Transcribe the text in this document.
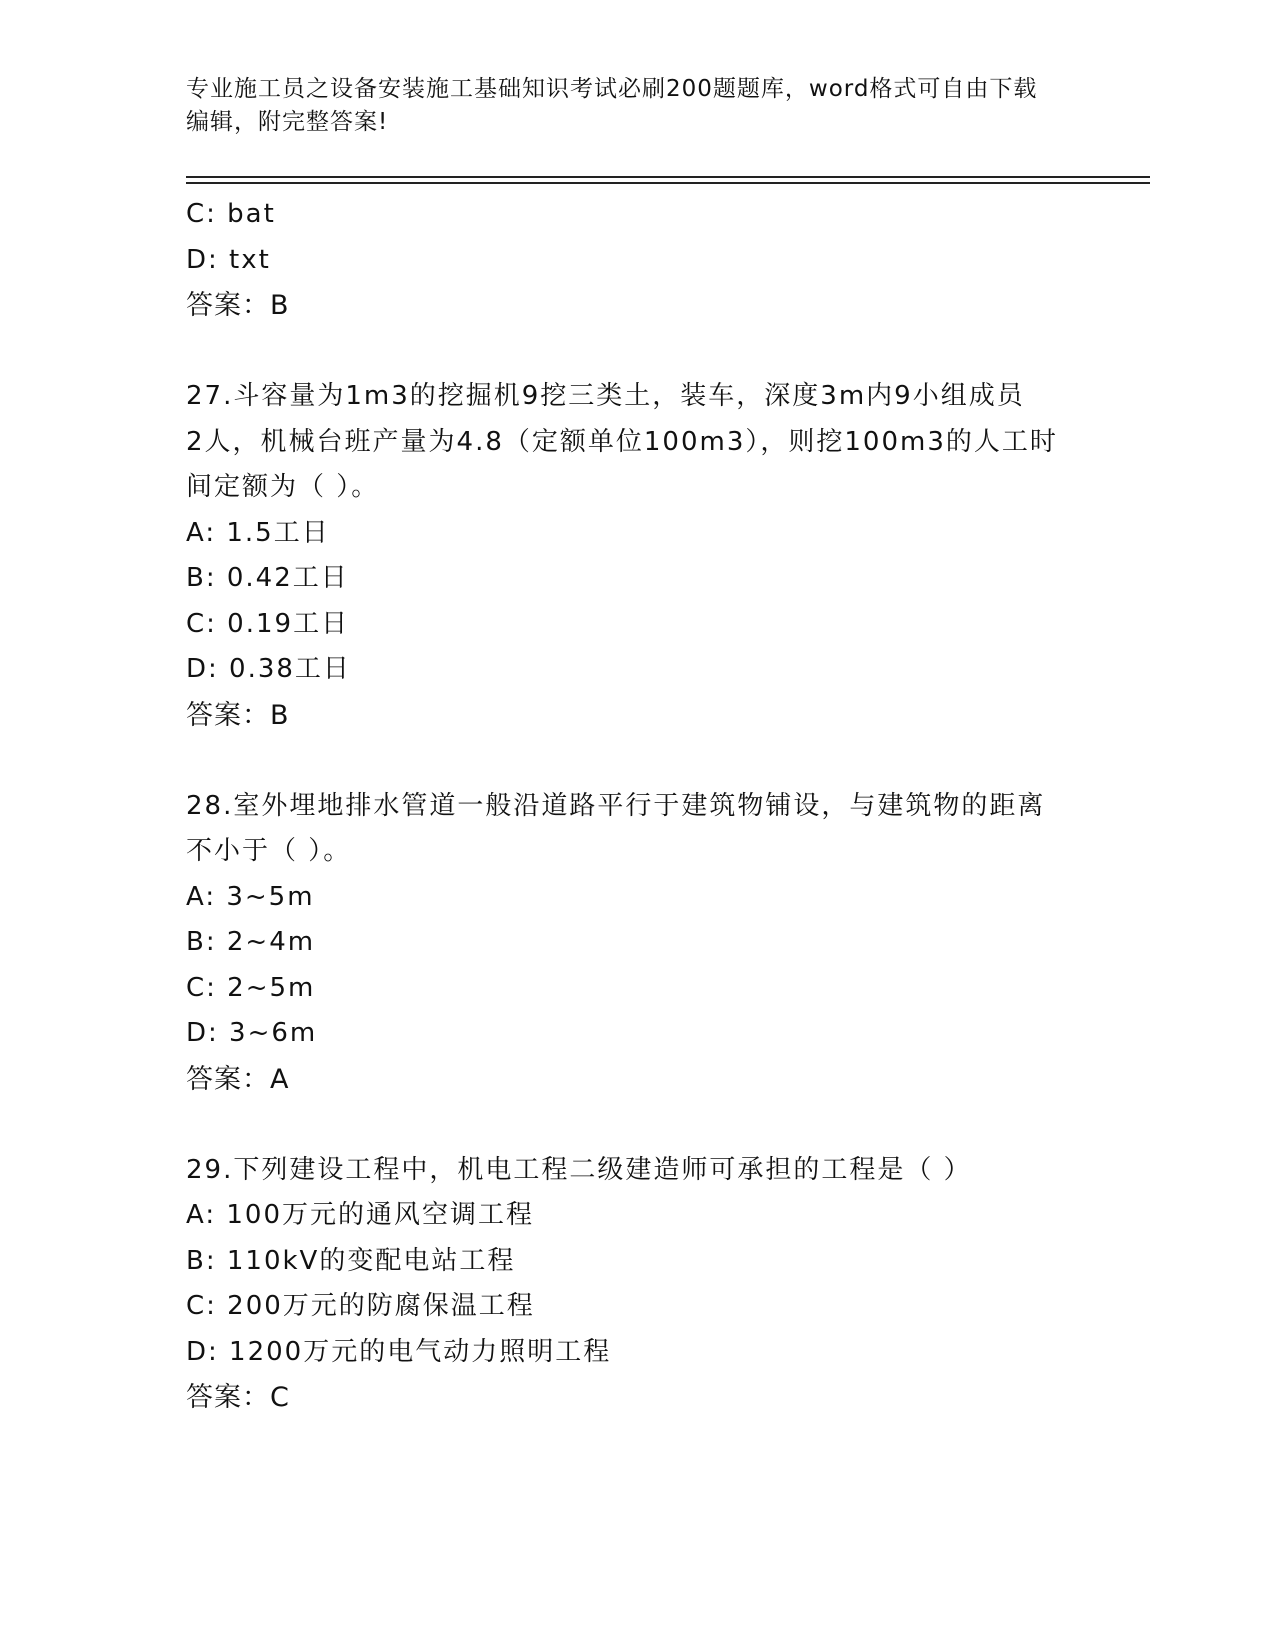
专业施工员之设备安装施工基础知识考试必刷200题题库，word格式可自由下载
编辑，附完整答案!
C: bat
D: txt
答案：B
27.斗容量为1m3的挖掘机9挖三类土，装车，深度3m内9小组成员
2人，机械台班产量为4.8（定额单位100m3），则挖100m3的人工时
间定额为（ ）。
A: 1.5工日
B: 0.42工日
C: 0.19工日
D: 0.38工日
答案：B
28.室外埋地排水管道一般沿道路平行于建筑物铺设，与建筑物的距离
不小于（ ）。
A: 3~5m
B: 2~4m
C: 2~5m
D: 3~6m
答案：A
29.下列建设工程中，机电工程二级建造师可承担的工程是（ ）
A: 100万元的通风空调工程
B: 110kV的变配电站工程
C: 200万元的防腐保温工程
D: 1200万元的电气动力照明工程
答案：C
